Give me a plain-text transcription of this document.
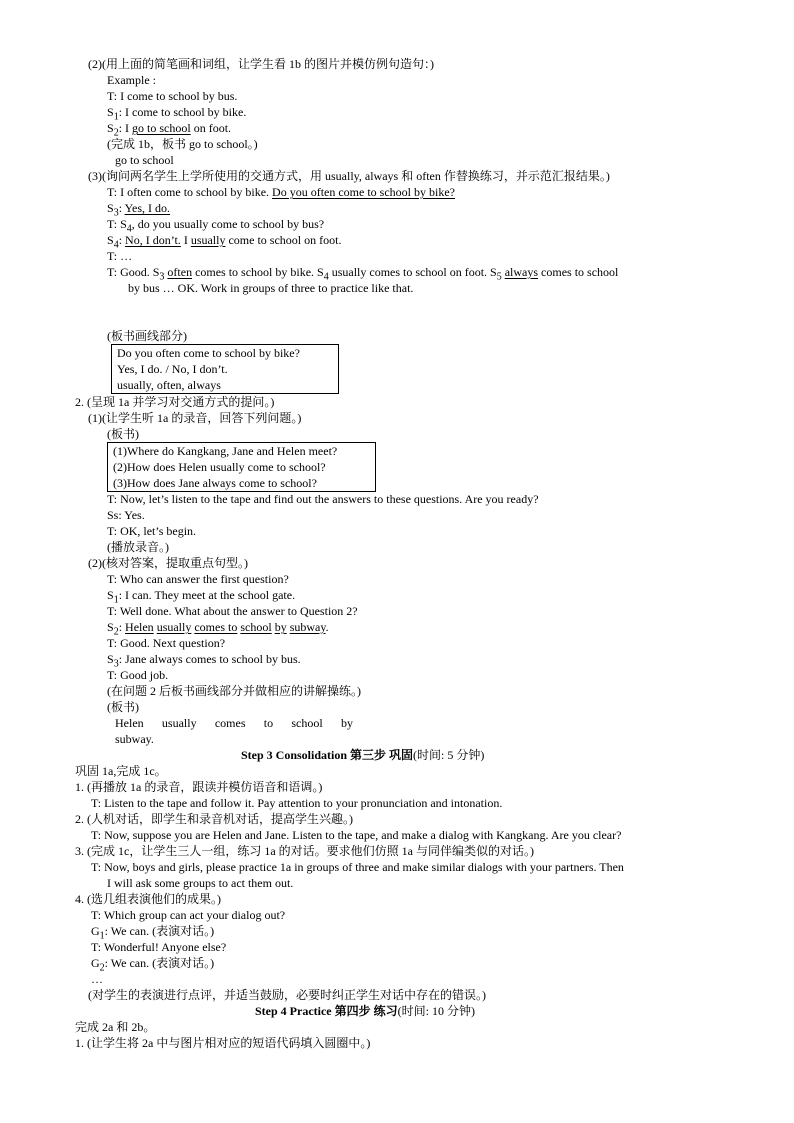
(2)(用上面的简笔画和词组，让学生看 1b 的图片并模仿例句造句：)
Example :
T: I come to school by bus.
$S_1$: I come to school by bike.
$S_2$: I go to school on foot.
(完成 1b，板书 go to school。)
go to school
(3)(询问两名学生上学所使用的交通方式，用 usually, always 和 often 作替换练习，并示范汇报结果。)
T: I often come to school by bike. Do you often come to school by bike?
$S_3$: Yes, I do.
T: $S_4$, do you usually come to school by bus?
$S_4$: No, I don’t. I usually come to school on foot.
T: …
T: Good. $S_3$ often comes to school by bike. $S_4$ usually comes to school on foot. $S_5$ always comes to school
by bus … OK. Work in groups of three to practice like that.
(板书画线部分)
Do you often come to school by bike?
Yes, I do. / No, I don’t.
usually, often, always
2. (呈现 1a 并学习对交通方式的提问。)
(1)(让学生听 1a 的录音，回答下列问题。)
(板书)
(1)Where do Kangkang, Jane and Helen meet?
(2)How does Helen usually come to school?
(3)How does Jane always come to school?
T: Now, let’s listen to the tape and find out the answers to these questions. Are you ready?
Ss: Yes.
T: OK, let’s begin.
(播放录音。)
(2)(核对答案，提取重点句型。)
T: Who can answer the first question?
$S_1$: I can. They meet at the school gate.
T: Well done. What about the answer to Question 2?
$S_2$: Helen usually comes to school by subway.
T: Good. Next question?
$S_3$: Jane always comes to school by bus.
T: Good job.
(在问题 2 后板书画线部分并做相应的讲解操练。)
(板书)
Helen usually comes to school by
subway.
Step 3 Consolidation 第三步 巩固(时间: 5 分钟)
巩固 1a,完成 1c。
1. (再播放 1a 的录音，跟读并模仿语音和语调。)
T: Listen to the tape and follow it. Pay attention to your pronunciation and intonation.
2. (人机对话，即学生和录音机对话，提高学生兴趣。)
T: Now, suppose you are Helen and Jane. Listen to the tape, and make a dialog with Kangkang. Are you clear?
3. (完成 1c，让学生三人一组，练习 1a 的对话。要求他们仿照 1a 与同伴编类似的对话。)
T: Now, boys and girls, please practice 1a in groups of three and make similar dialogs with your partners. Then
I will ask some groups to act them out.
4. (选几组表演他们的成果。)
T: Which group can act your dialog out?
$G_1$: We can. (表演对话。)
T: Wonderful! Anyone else?
$G_2$: We can. (表演对话。)
…
(对学生的表演进行点评，并适当鼓励，必要时纠正学生对话中存在的错误。)
Step 4 Practice 第四步 练习(时间: 10 分钟)
完成 2a 和 2b。
1. (让学生将 2a 中与图片相对应的短语代码填入圆圈中。)
